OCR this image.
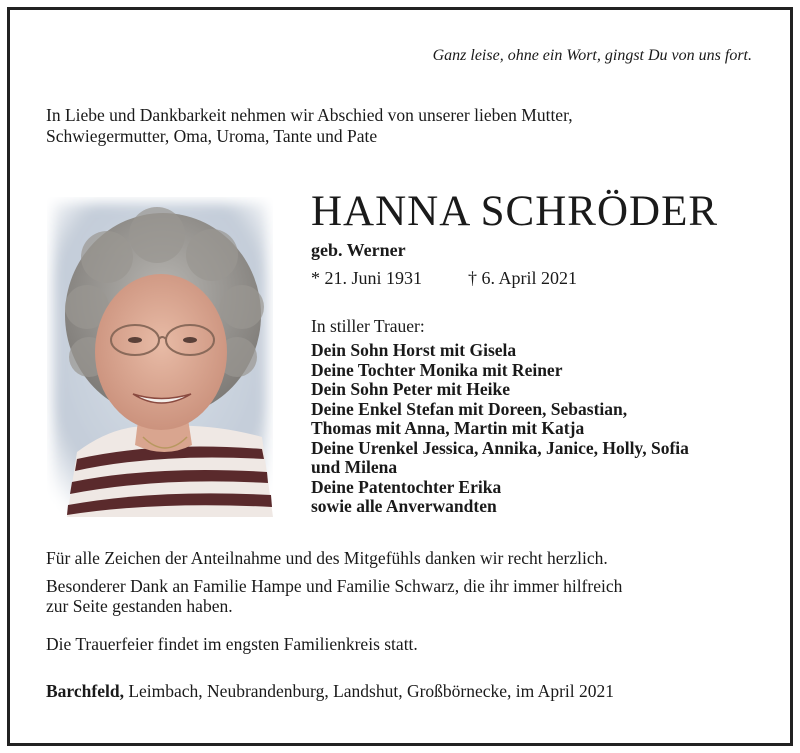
Ganz leise, ohne ein Wort, gingst Du von uns fort.
In Liebe und Dankbarkeit nehmen wir Abschied von unserer lieben Mutter,
Schwiegermutter, Oma, Uroma, Tante und Pate
HANNA SCHRÖDER
geb. Werner
* 21. Juni 1931	† 6. April 2021
In stiller Trauer:
Dein Sohn Horst mit Gisela
Deine Tochter Monika mit Reiner
Dein Sohn Peter mit Heike
Deine Enkel Stefan mit Doreen, Sebastian,
Thomas mit Anna, Martin mit Katja
Deine Urenkel Jessica, Annika, Janice, Holly, Sofia
und Milena
Deine Patentochter Erika
sowie alle Anverwandten
Für alle Zeichen der Anteilnahme und des Mitgefühls danken wir recht herzlich.
Besonderer Dank an Familie Hampe und Familie Schwarz, die ihr immer hilfreich
zur Seite gestanden haben.
Die Trauerfeier findet im engsten Familienkreis statt.
Barchfeld, Leimbach, Neubrandenburg, Landshut, Großbörnecke, im April 2021
